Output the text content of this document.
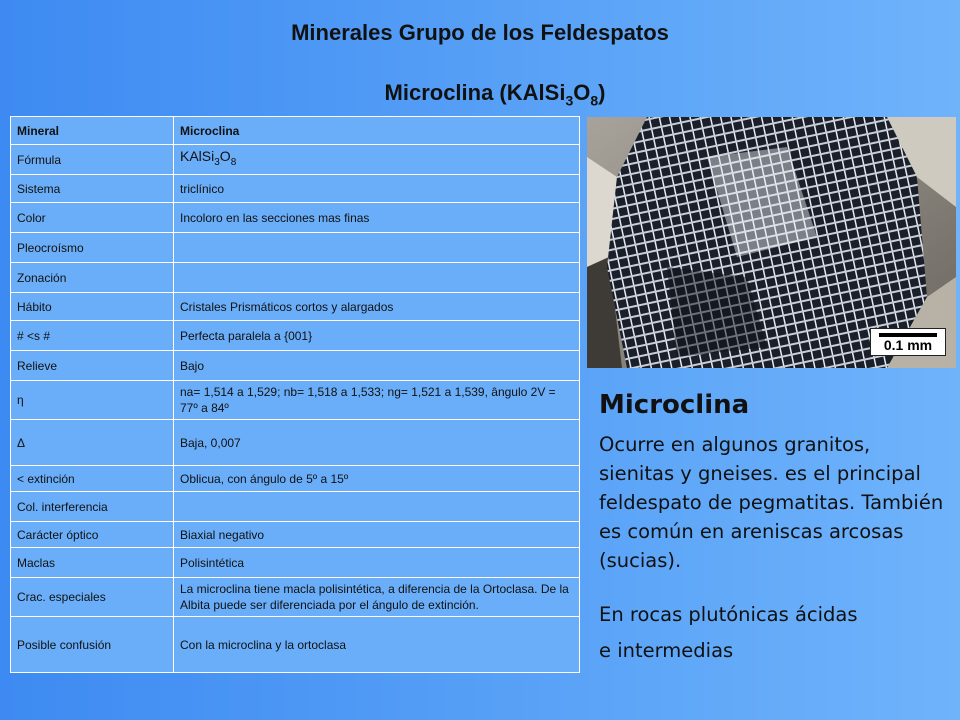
Minerales Grupo de los Feldespatos
Microclina $(KAlSi_3O_8)$
Mineral	Microclina
Fórmula	$KAlSi_3O_8$
Sistema	triclínico
Color	Incoloro en las secciones mas finas
Pleocroísmo	
Zonación	
Hábito	Cristales Prismáticos cortos y alargados
# <s #	Perfecta paralela a {001}
Relieve	Bajo
η	na= 1,514 a 1,529; nb= 1,518 a 1,533; ng= 1,521 a 1,539, ângulo 2V = 77º a 84º
Δ	Baja, 0,007
< extinción	Oblicua, con ángulo de 5º a 15º
Col. interferencia	
Carácter óptico	Biaxial negativo
Maclas	Polisintética
Crac. especiales	La microclina tiene macla polisintética, a diferencia de la Ortoclasa. De la Albita puede ser diferenciada por el ángulo de extinción.
Posible confusión	Con la microclina y la ortoclasa
0.1 mm
Microclina
Ocurre en algunos granitos, sienitas y gneises. es el principal feldespato de pegmatitas. También es común en areniscas arcosas (sucias).
En rocas plutónicas ácidas
e intermedias
